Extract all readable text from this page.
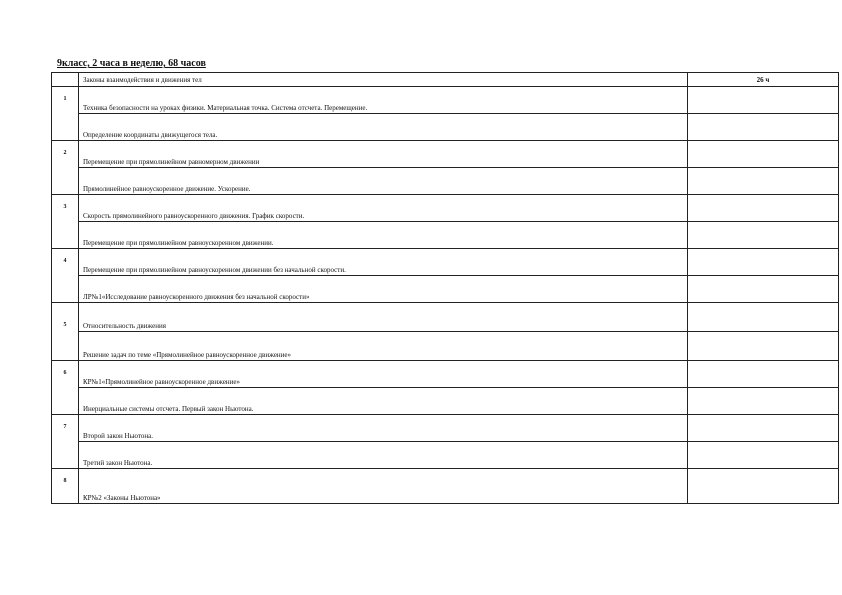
9класс, 2 часа в неделю, 68 часов
	Законы взаимодействия и движения тел	26 ч
1	Техника безопасности на уроках физики. Материальная точка. Система отсчета. Перемещение.	
	Определение координаты движущегося тела.	
2	Перемещение при прямолинейном равномерном движении	
	Прямолинейное равноускоренное движение. Ускорение.	
3	Скорость прямолинейного равноускоренного движения. График скорости.	
	Перемещение при прямолинейном равноускоренном движении.	
4	Перемещение при прямолинейном равноускоренном движении без начальной скорости.	
	ЛР№1«Исследование равноускоренного движения без начальной скорости»	
5	Относительность движения	
	Решение задач по теме «Прямолинейное равноускоренное движение»	
6	КР№1«Прямолинейное равноускоренное движение»	
	Инерциальные системы отсчета. Первый закон Ньютона.	
7	Второй закон Ньютона.	
	Третий закон Ньютона.	
8	КР№2 «Законы Ньютона»	
